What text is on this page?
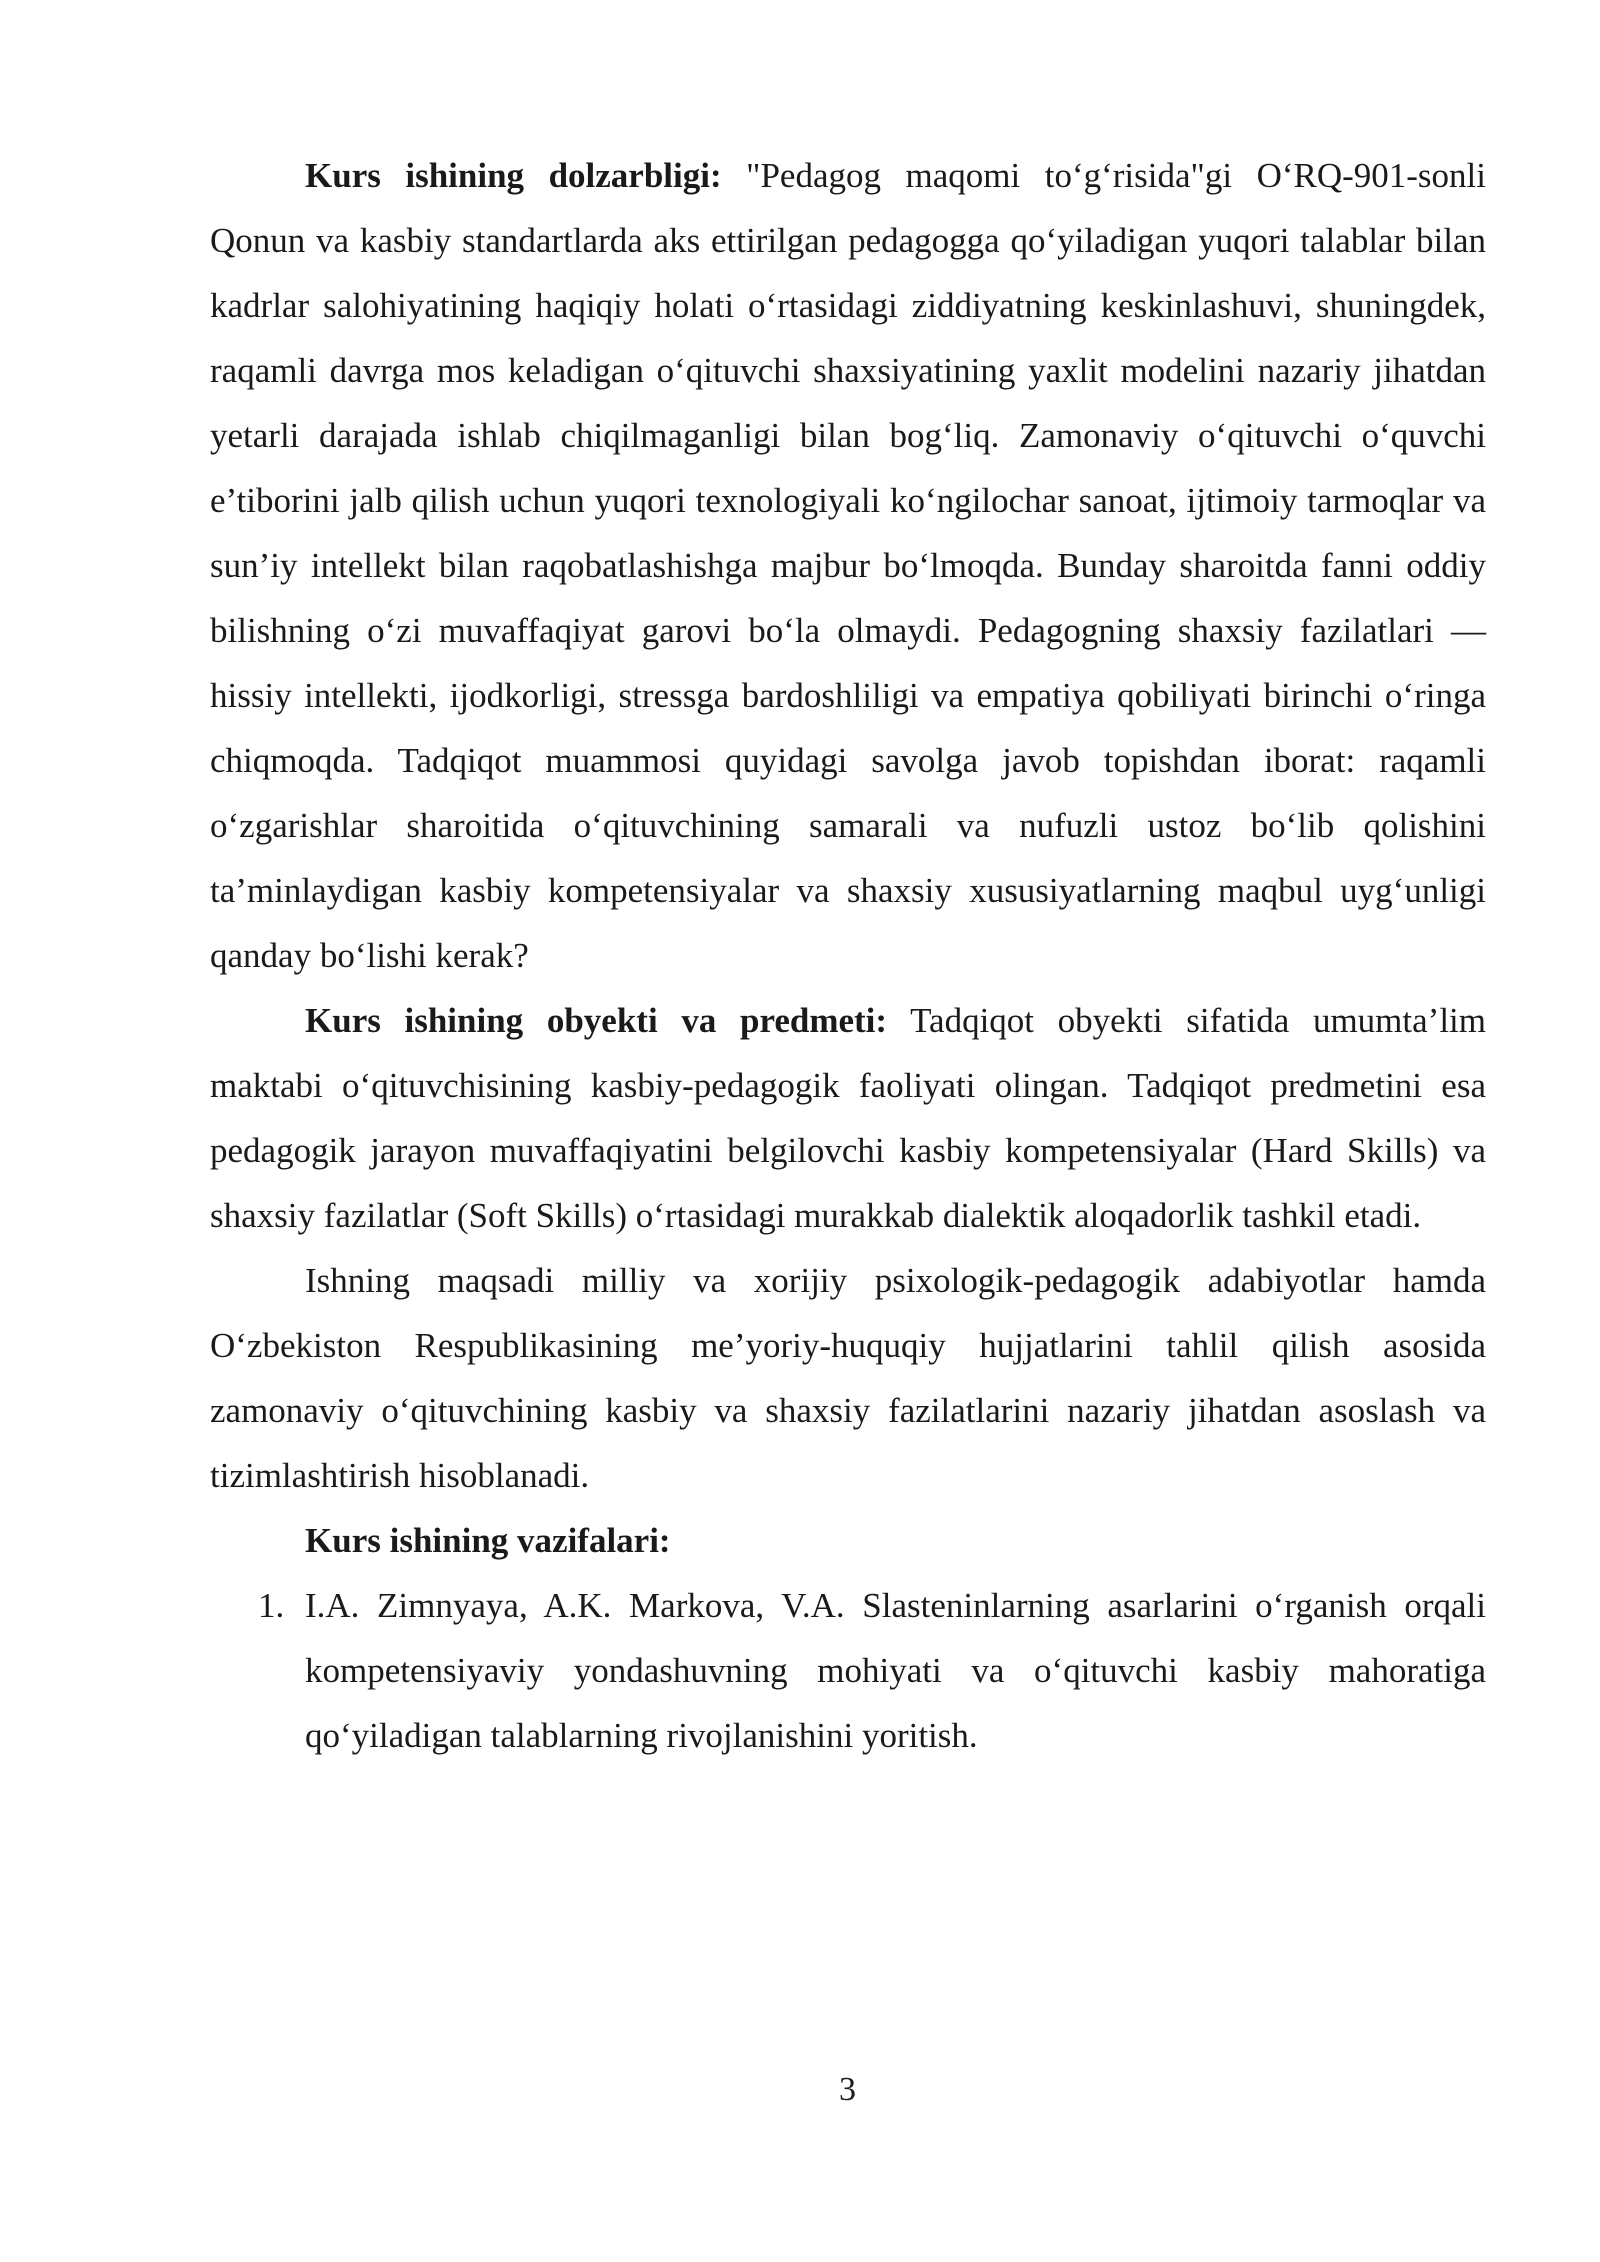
Kurs ishining dolzarbligi: "Pedagog maqomi to‘g‘risida"gi O‘RQ-901-sonli Qonun va kasbiy standartlarda aks ettirilgan pedagogga qo‘yiladigan yuqori talablar bilan kadrlar salohiyatining haqiqiy holati o‘rtasidagi ziddiyatning keskinlashuvi, shuningdek, raqamli davrga mos keladigan o‘qituvchi shaxsiyatining yaxlit modelini nazariy jihatdan yetarli darajada ishlab chiqilmaganligi bilan bog‘liq. Zamonaviy o‘qituvchi o‘quvchi e’tiborini jalb qilish uchun yuqori texnologiyali ko‘ngilochar sanoat, ijtimoiy tarmoqlar va sun’iy intellekt bilan raqobatlashishga majbur bo‘lmoqda. Bunday sharoitda fanni oddiy bilishning o‘zi muvaffaqiyat garovi bo‘la olmaydi. Pedagogning shaxsiy fazilatlari — hissiy intellekti, ijodkorligi, stressga bardoshliligi va empatiya qobiliyati birinchi o‘ringa chiqmoqda. Tadqiqot muammosi quyidagi savolga javob topishdan iborat: raqamli o‘zgarishlar sharoitida o‘qituvchining samarali va nufuzli ustoz bo‘lib qolishini ta’minlaydigan kasbiy kompetensiyalar va shaxsiy xususiyatlarning maqbul uyg‘unligi qanday bo‘lishi kerak?

Kurs ishining obyekti va predmeti: Tadqiqot obyekti sifatida umumta’lim maktabi o‘qituvchisining kasbiy-pedagogik faoliyati olingan. Tadqiqot predmetini esa pedagogik jarayon muvaffaqiyatini belgilovchi kasbiy kompetensiyalar (Hard Skills) va shaxsiy fazilatlar (Soft Skills) o‘rtasidagi murakkab dialektik aloqadorlik tashkil etadi.

Ishning maqsadi milliy va xorijiy psixologik-pedagogik adabiyotlar hamda O‘zbekiston Respublikasining me’yoriy-huquqiy hujjatlarini tahlil qilish asosida zamonaviy o‘qituvchining kasbiy va shaxsiy fazilatlarini nazariy jihatdan asoslash va tizimlashtirish hisoblanadi.

Kurs ishining vazifalari:

1. I.A. Zimnyaya, A.K. Markova, V.A. Slasteninlarning asarlarini o‘rganish orqali kompetensiyaviy yondashuvning mohiyati va o‘qituvchi kasbiy mahoratiga qo‘yiladigan talablarning rivojlanishini yoritish.
3
